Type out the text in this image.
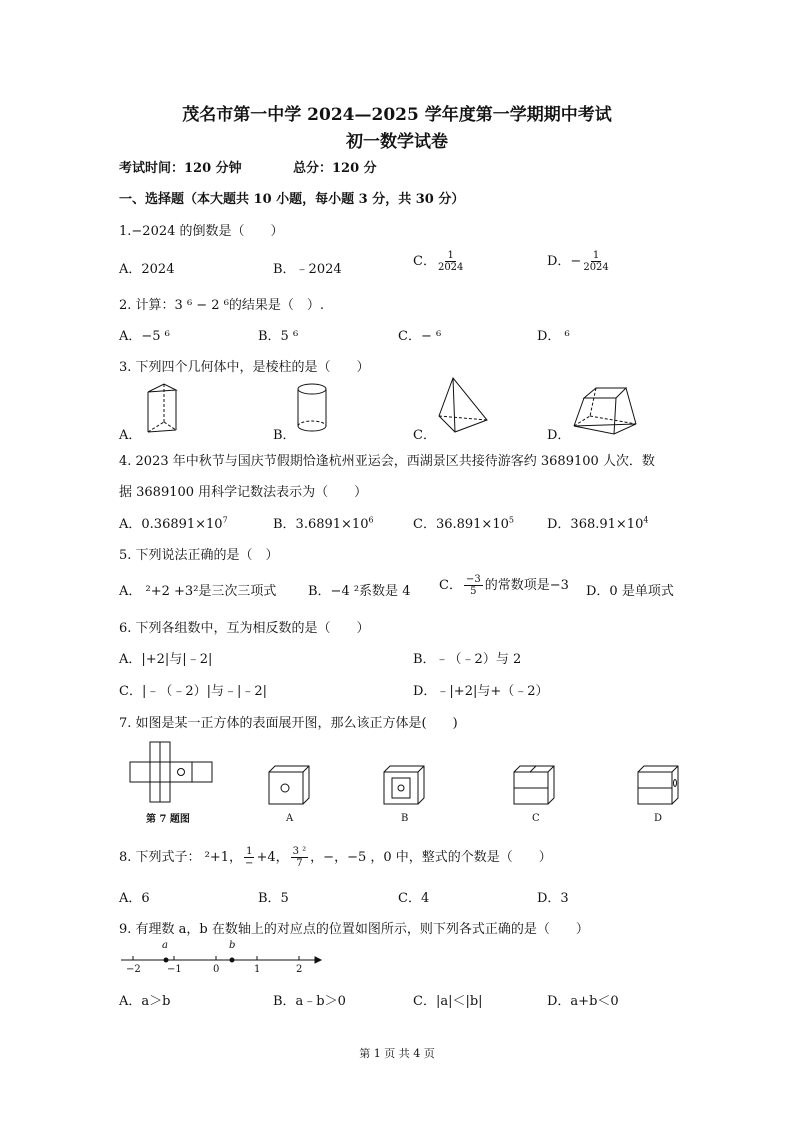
茂名市第一中学 2024—2025 学年度第一学期期中考试
初一数学试卷
考试时间：120 分钟	总分：120 分
一、选择题（本大题共 10 小题，每小题 3 分，共 30 分）
1.−2024 的倒数是（　　）
A．2024	B．﹣2024
C． $\frac{1}{2024}$	D．− $\frac{1}{2024}$
2. 计算：3 ⁶ − 2 ⁶的结果是（　）.
A．−5 ⁶	B．5 ⁶	C．− ⁶	D． ⁶
3. 下列四个几何体中，是棱柱的是（　　）
A．	B．	C．	D．
4. 2023 年中秋节与国庆节假期恰逢杭州亚运会，西湖景区共接待游客约 3689100 人次．数
据 3689100 用科学记数法表示为（　　）
A．$0.36891\times 10^7$	B．$3.6891\times 10^6$	C．$36.891\times 10^5$	D．$368.91\times 10^4$
5. 下列说法正确的是（　）
A． ²+2 +3²是三次三项式 B．−4 ²系数是 4 C． $\frac{-3}{5}$ 的常数项是−3 D．0 是单项式
6. 下列各组数中，互为相反数的是（　　）
A．|+2|与|﹣2|	B．﹣（﹣2）与 2
C．|﹣（﹣2）|与﹣|﹣2|	D．﹣|+2|与+（﹣2）
7. 如图是某一正方体的表面展开图，那么该正方体是(　　)
第 7 题图	A	B	C	D
8. 下列式子： ²+1， $\frac{1}{-} +4$， $\frac{\text{3 ²}}{7}$ ，−，−5 ，0 中，整式的个数是（　　）
A．6	B．5	C．4	D．3
9. 有理数 a，b 在数轴上的对应点的位置如图所示，则下列各式正确的是（　　）
a	b
−2	−1	0	1	2
A．a＞b	B．a﹣b＞0	C．|a|＜|b|	D．a+b＜0
第 1 页 共 4 页
